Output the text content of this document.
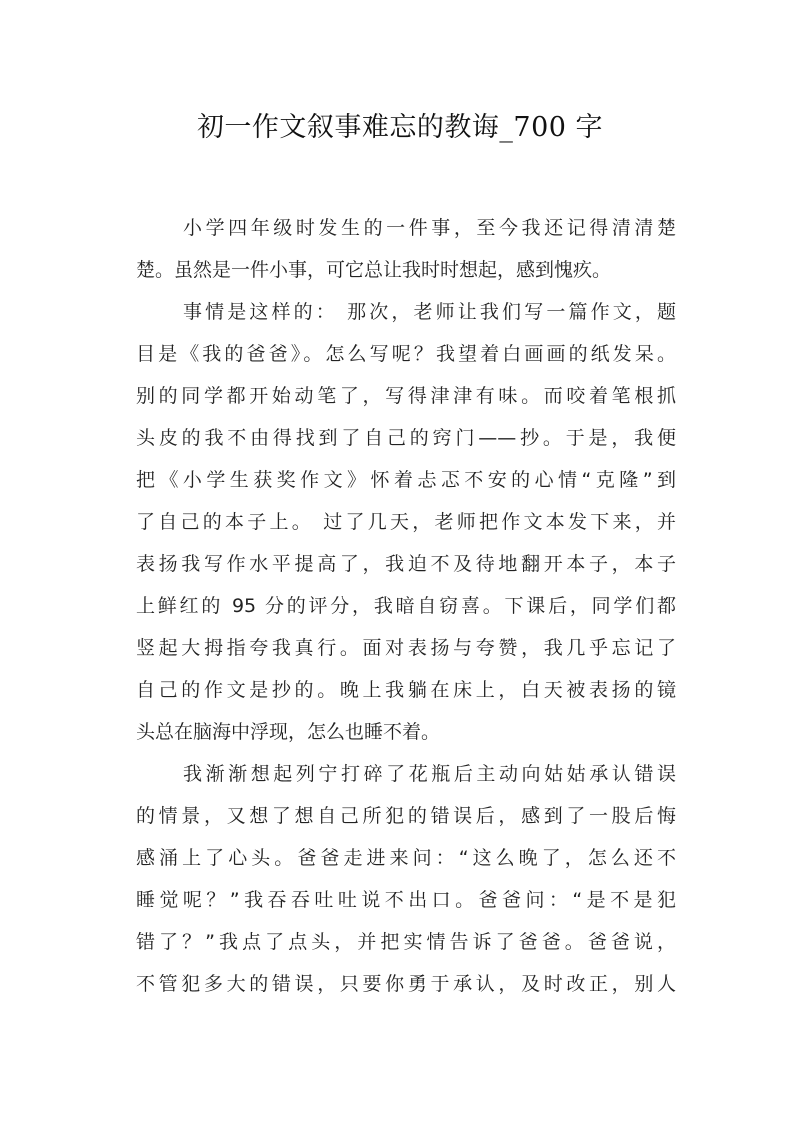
初一作文叙事难忘的教诲_700 字
小学四年级时发生的一件事，至今我还记得清清楚
楚。虽然是一件小事，可它总让我时时想起，感到愧疚。
事情是这样的： 那次，老师让我们写一篇作文，题
目是《我的爸爸》。怎么写呢？我望着白画画的纸发呆。
别的同学都开始动笔了，写得津津有味。而咬着笔根抓
头皮的我不由得找到了自己的窍门——抄。于是，我便
把《小学生获奖作文》怀着忐忑不安的心情“克隆”到
了自己的本子上。 过了几天，老师把作文本发下来，并
表扬我写作水平提高了，我迫不及待地翻开本子，本子
上鲜红的 95 分的评分，我暗自窃喜。下课后，同学们都
竖起大拇指夸我真行。面对表扬与夸赞，我几乎忘记了
自己的作文是抄的。晚上我躺在床上，白天被表扬的镜
头总在脑海中浮现，怎么也睡不着。
我渐渐想起列宁打碎了花瓶后主动向姑姑承认错误
的情景，又想了想自己所犯的错误后，感到了一股后悔
感涌上了心头。爸爸走进来问：“这么晚了，怎么还不
睡觉呢？”我吞吞吐吐说不出口。爸爸问：“是不是犯
错了？”我点了点头，并把实情告诉了爸爸。爸爸说，
不管犯多大的错误，只要你勇于承认，及时改正，别人
